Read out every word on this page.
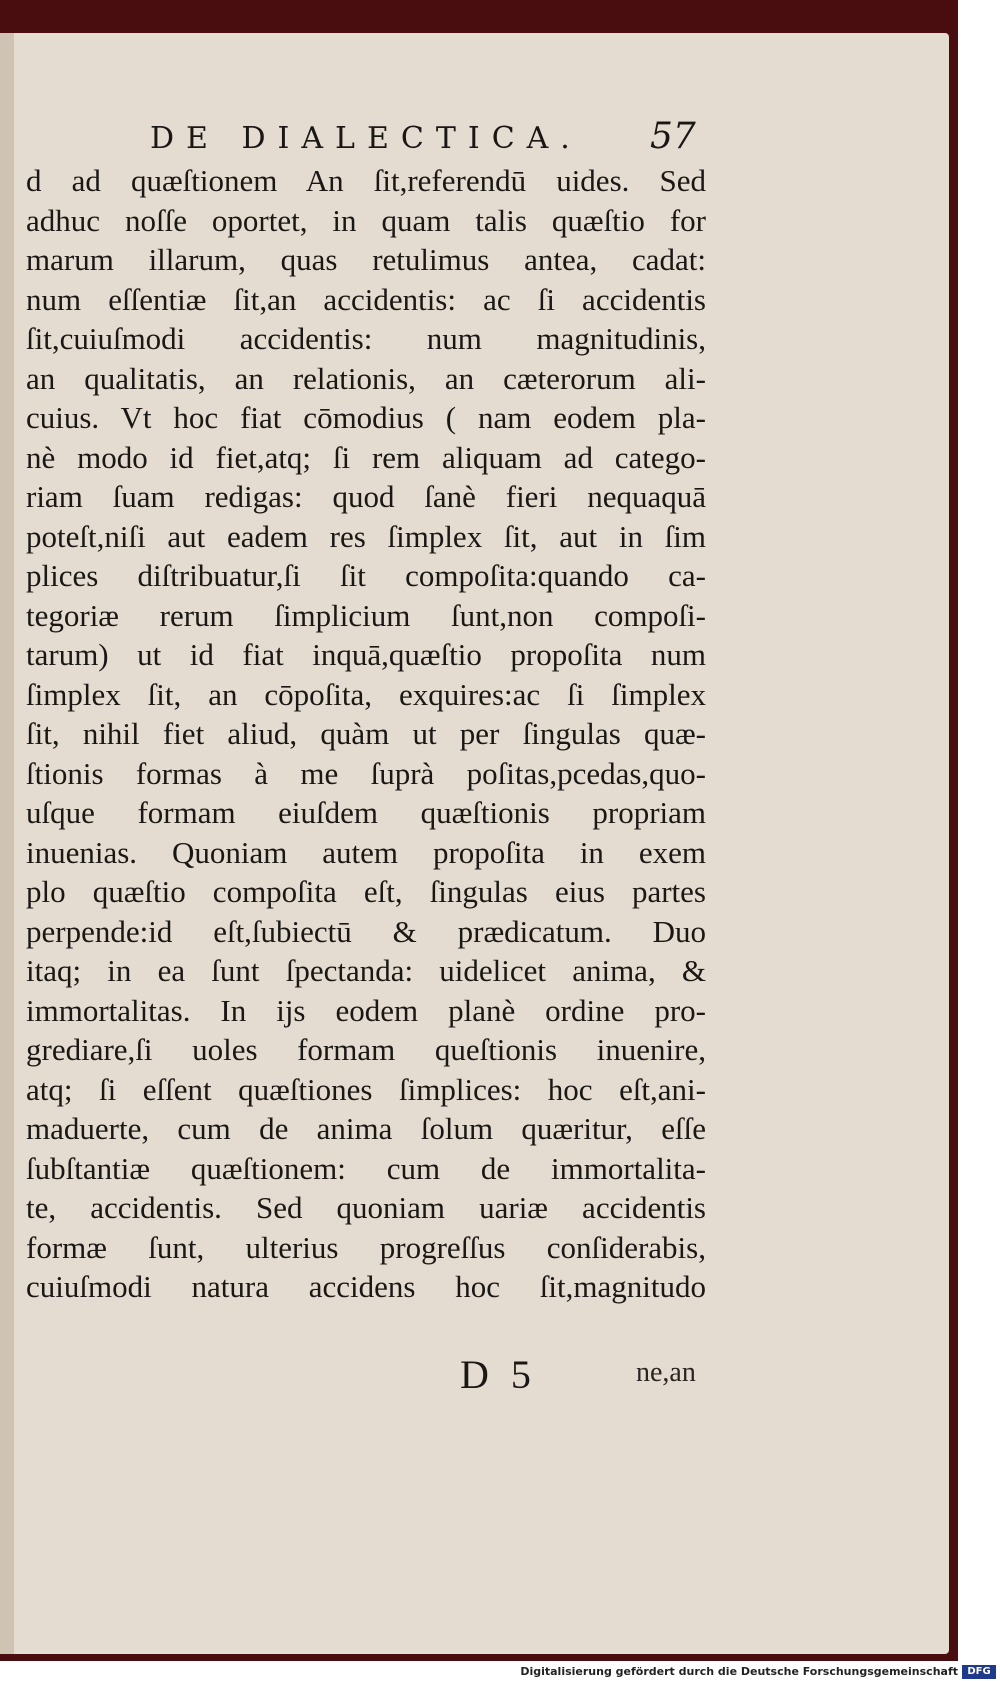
DE DIALECTICA.	57
d ad quæſtionem An ſit,referendū uides. Sed
adhuc noſſe oportet, in quam talis quæſtio for
marum illarum, quas retulimus antea, cadat:
num eſſentiæ ſit,an accidentis: ac ſi accidentis
ſit,cuiuſmodi accidentis: num magnitudinis,
an qualitatis, an relationis, an cæterorum ali-
cuius. Vt hoc fiat cōmodius ( nam eodem pla-
nè modo id fiet,atq; ſi rem aliquam ad catego-
riam ſuam redigas: quod ſanè fieri nequaquā
poteſt,niſi aut eadem res ſimplex ſit, aut in ſim
plices diſtribuatur,ſi ſit compoſita:quando ca-
tegoriæ rerum ſimplicium ſunt,non compoſi-
tarum) ut id fiat inquā,quæſtio propoſita num
ſimplex ſit, an cōpoſita, exquires:ac ſi ſimplex
ſit, nihil fiet aliud, quàm ut per ſingulas quæ-
ſtionis formas à me ſuprà poſitas,pcedas,quo-
uſque formam eiuſdem quæſtionis propriam
inuenias. Quoniam autem propoſita in exem
plo quæſtio compoſita eſt, ſingulas eius partes
perpende:id eſt,ſubiectū & prædicatum. Duo
itaq; in ea ſunt ſpectanda: uidelicet anima, &
immortalitas. In ijs eodem planè ordine pro-
grediare,ſi uoles formam queſtionis inuenire,
atq; ſi eſſent quæſtiones ſimplices: hoc eſt,ani-
maduerte, cum de anima ſolum quæritur, eſſe
ſubſtantiæ quæſtionem: cum de immortalita-
te, accidentis. Sed quoniam uariæ accidentis
formæ ſunt, ulterius progreſſus conſiderabis,
cuiuſmodi natura accidens hoc ſit,magnitudo
D 5	ne,an
Digitalisierung gefördert durch die Deutsche Forschungsgemeinschaft DFG
